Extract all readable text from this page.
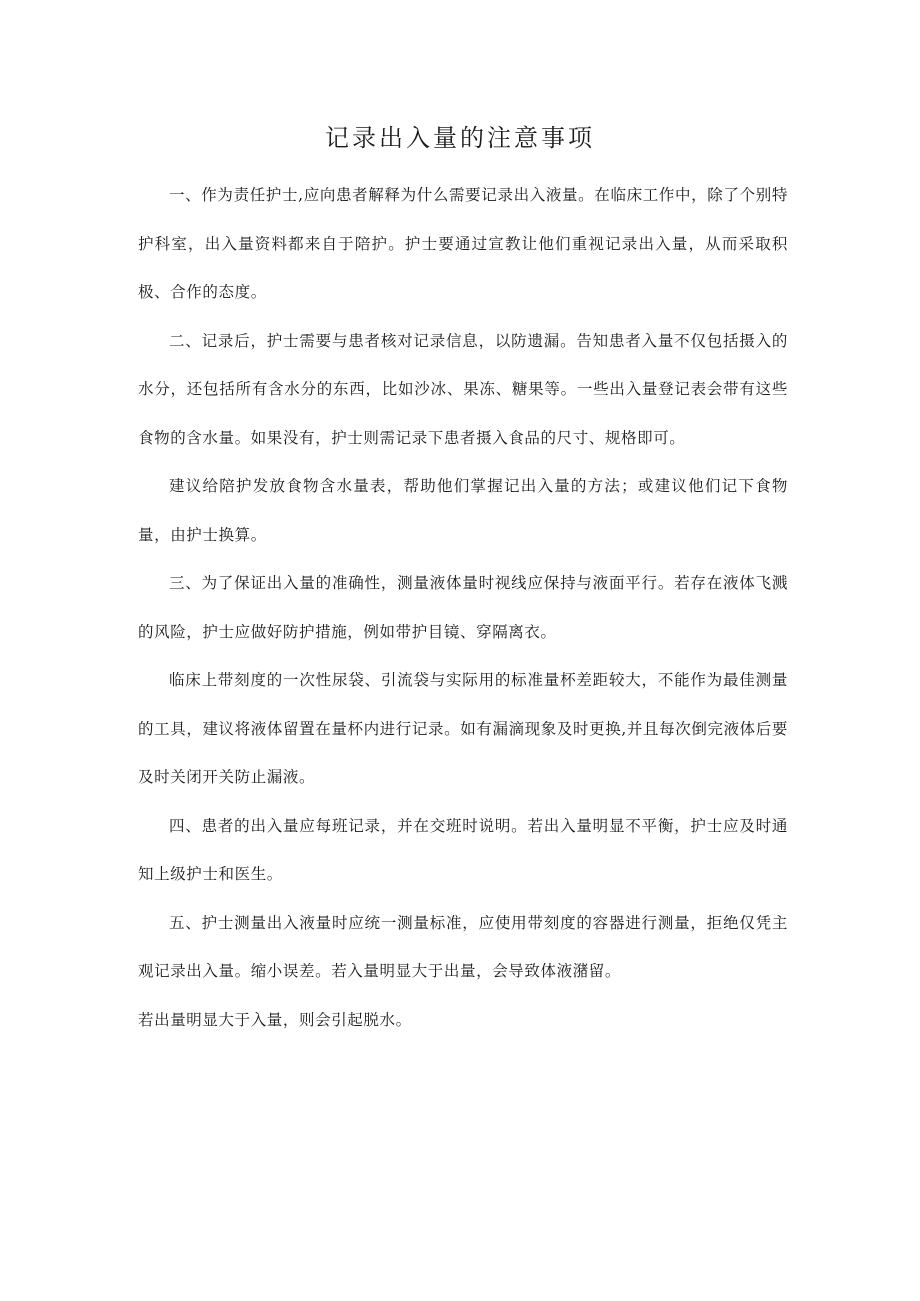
记录出入量的注意事项

一、作为责任护士,应向患者解释为什么需要记录出入液量。在临床工作中，除了个别特护科室，出入量资料都来自于陪护。护士要通过宣教让他们重视记录出入量，从而采取积极、合作的态度。

二、记录后，护士需要与患者核对记录信息，以防遗漏。告知患者入量不仅包括摄入的水分，还包括所有含水分的东西，比如沙冰、果冻、糖果等。一些出入量登记表会带有这些食物的含水量。如果没有，护士则需记录下患者摄入食品的尺寸、规格即可。

建议给陪护发放食物含水量表，帮助他们掌握记出入量的方法；或建议他们记下食物量，由护士换算。

三、为了保证出入量的准确性，测量液体量时视线应保持与液面平行。若存在液体飞溅的风险，护士应做好防护措施，例如带护目镜、穿隔离衣。

临床上带刻度的一次性尿袋、引流袋与实际用的标准量杯差距较大，不能作为最佳测量的工具，建议将液体留置在量杯内进行记录。如有漏滴现象及时更换,并且每次倒完液体后要及时关闭开关防止漏液。

四、患者的出入量应每班记录，并在交班时说明。若出入量明显不平衡，护士应及时通知上级护士和医生。

五、护士测量出入液量时应统一测量标准，应使用带刻度的容器进行测量，拒绝仅凭主观记录出入量。缩小误差。若入量明显大于出量，会导致体液潴留。

若出量明显大于入量，则会引起脱水。
